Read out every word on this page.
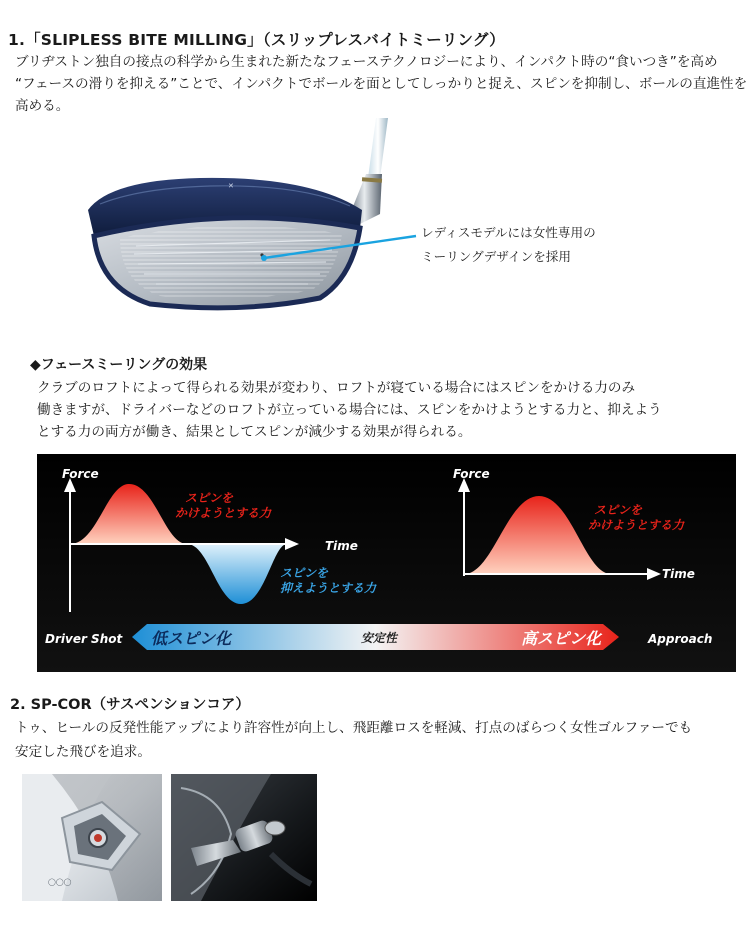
1.「SLIPLESS BITE MILLING」（スリップレスバイトミーリング）
ブリヂストン独自の接点の科学から生まれた新たなフェーステクノロジーにより、インパクト時の“食いつき”を高め
“フェースの滑りを抑える”ことで、インパクトでボールを面としてしっかりと捉え、スピンを抑制し、ボールの直進性を
高める。
✕
レディスモデルには女性専用の
ミーリングデザインを採用
◆フェースミーリングの効果
クラブのロフトによって得られる効果が変わり、ロフトが寝ている場合にはスピンをかける力のみ
働きますが、ドライバーなどのロフトが立っている場合には、スピンをかけようとする力と、抑えよう
とする力の両方が働き、結果としてスピンが減少する効果が得られる。
Force
Time
スピンを
かけようとする力
スピンを
抑えようとする力
Force
Time
スピンを
かけようとする力
Driver Shot 低スピン化	安定性	高スピン化	Approach
2. SP-COR（サスペンションコア）
トゥ、ヒールの反発性能アップにより許容性が向上し、飛距離ロスを軽減、打点のばらつく女性ゴルファーでも
安定した飛びを追求。
◯◯◯
